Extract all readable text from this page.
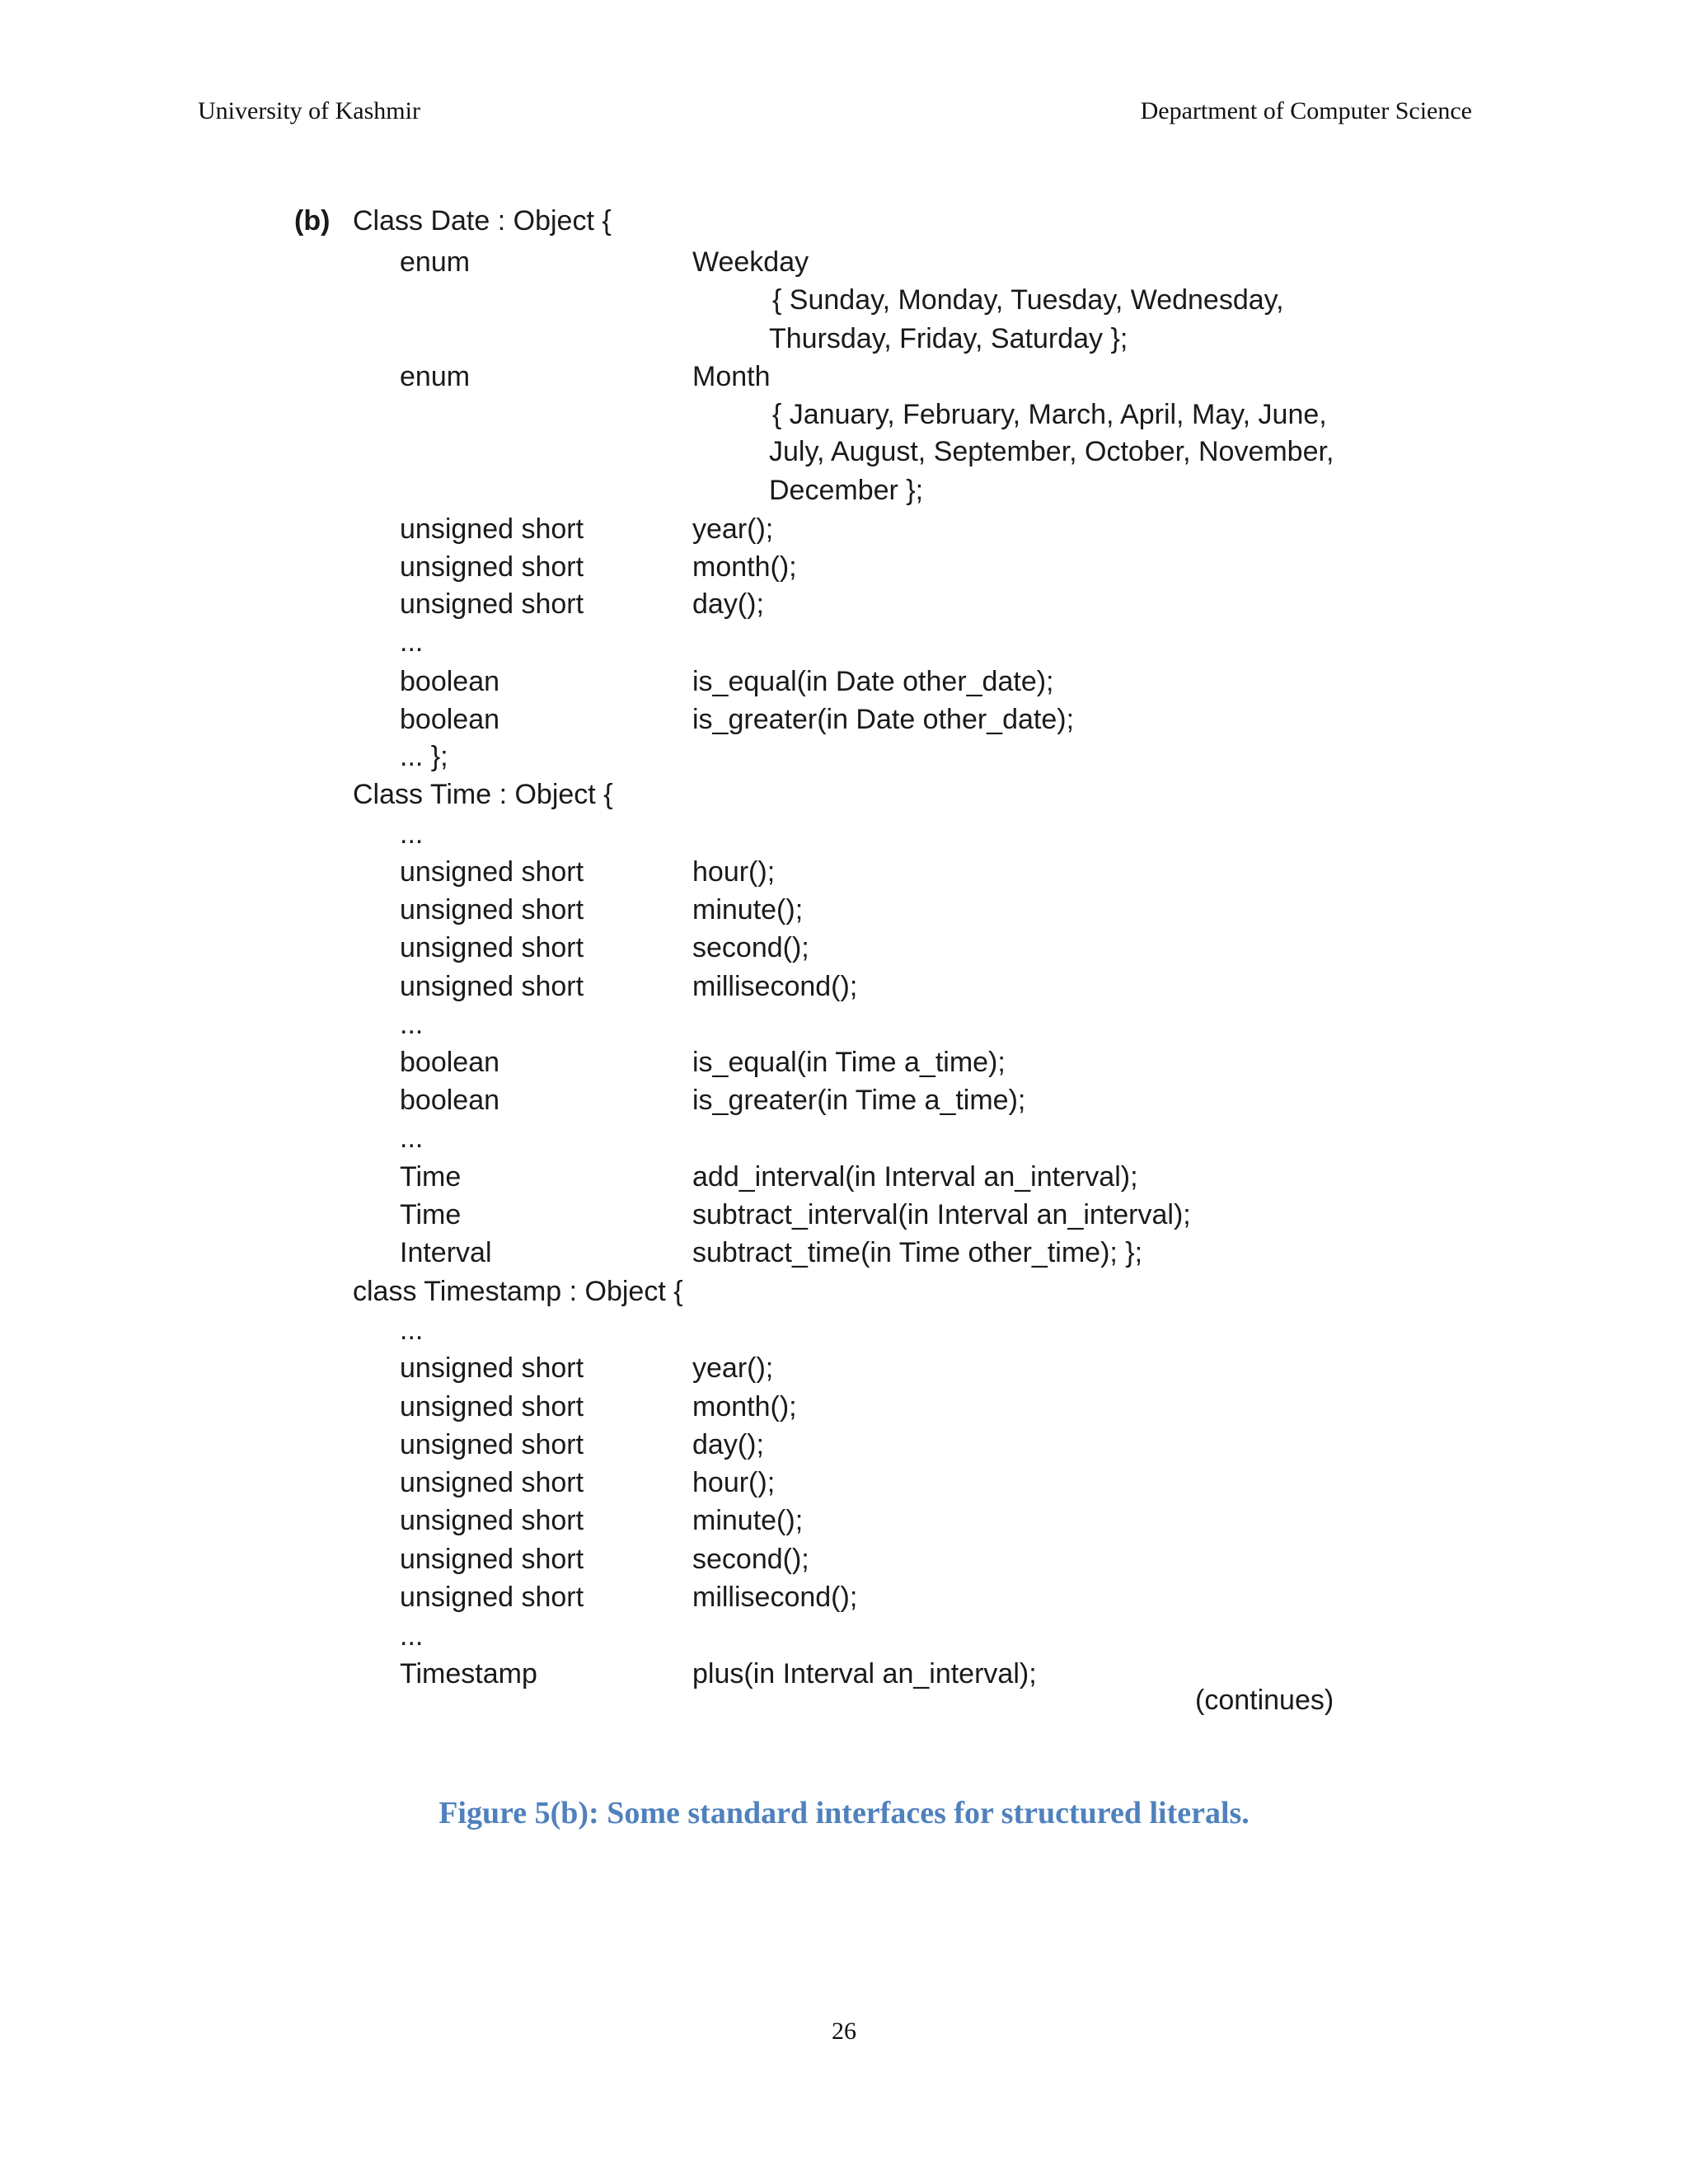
University of Kashmir	Department of Computer Science
(b) Class Date : Object {
enum	Weekday
{ Sunday, Monday, Tuesday, Wednesday,
Thursday, Friday, Saturday };
enum	Month
{ January, February, March, April, May, June,
July, August, September, October, November,
December };
unsigned short	year();
unsigned short	month();
unsigned short	day();
...
boolean	is_equal(in Date other_date);
boolean	is_greater(in Date other_date);
... };
Class Time : Object {
...
unsigned short	hour();
unsigned short	minute();
unsigned short	second();
unsigned short	millisecond();
...
boolean	is_equal(in Time a_time);
boolean	is_greater(in Time a_time);
...
Time	add_interval(in Interval an_interval);
Time	subtract_interval(in Interval an_interval);
Interval	subtract_time(in Time other_time); };
class Timestamp : Object {
...
unsigned short	year();
unsigned short	month();
unsigned short	day();
unsigned short	hour();
unsigned short	minute();
unsigned short	second();
unsigned short	millisecond();
...
Timestamp	plus(in Interval an_interval);
(continues)
Figure 5(b): Some standard interfaces for structured literals.
26
